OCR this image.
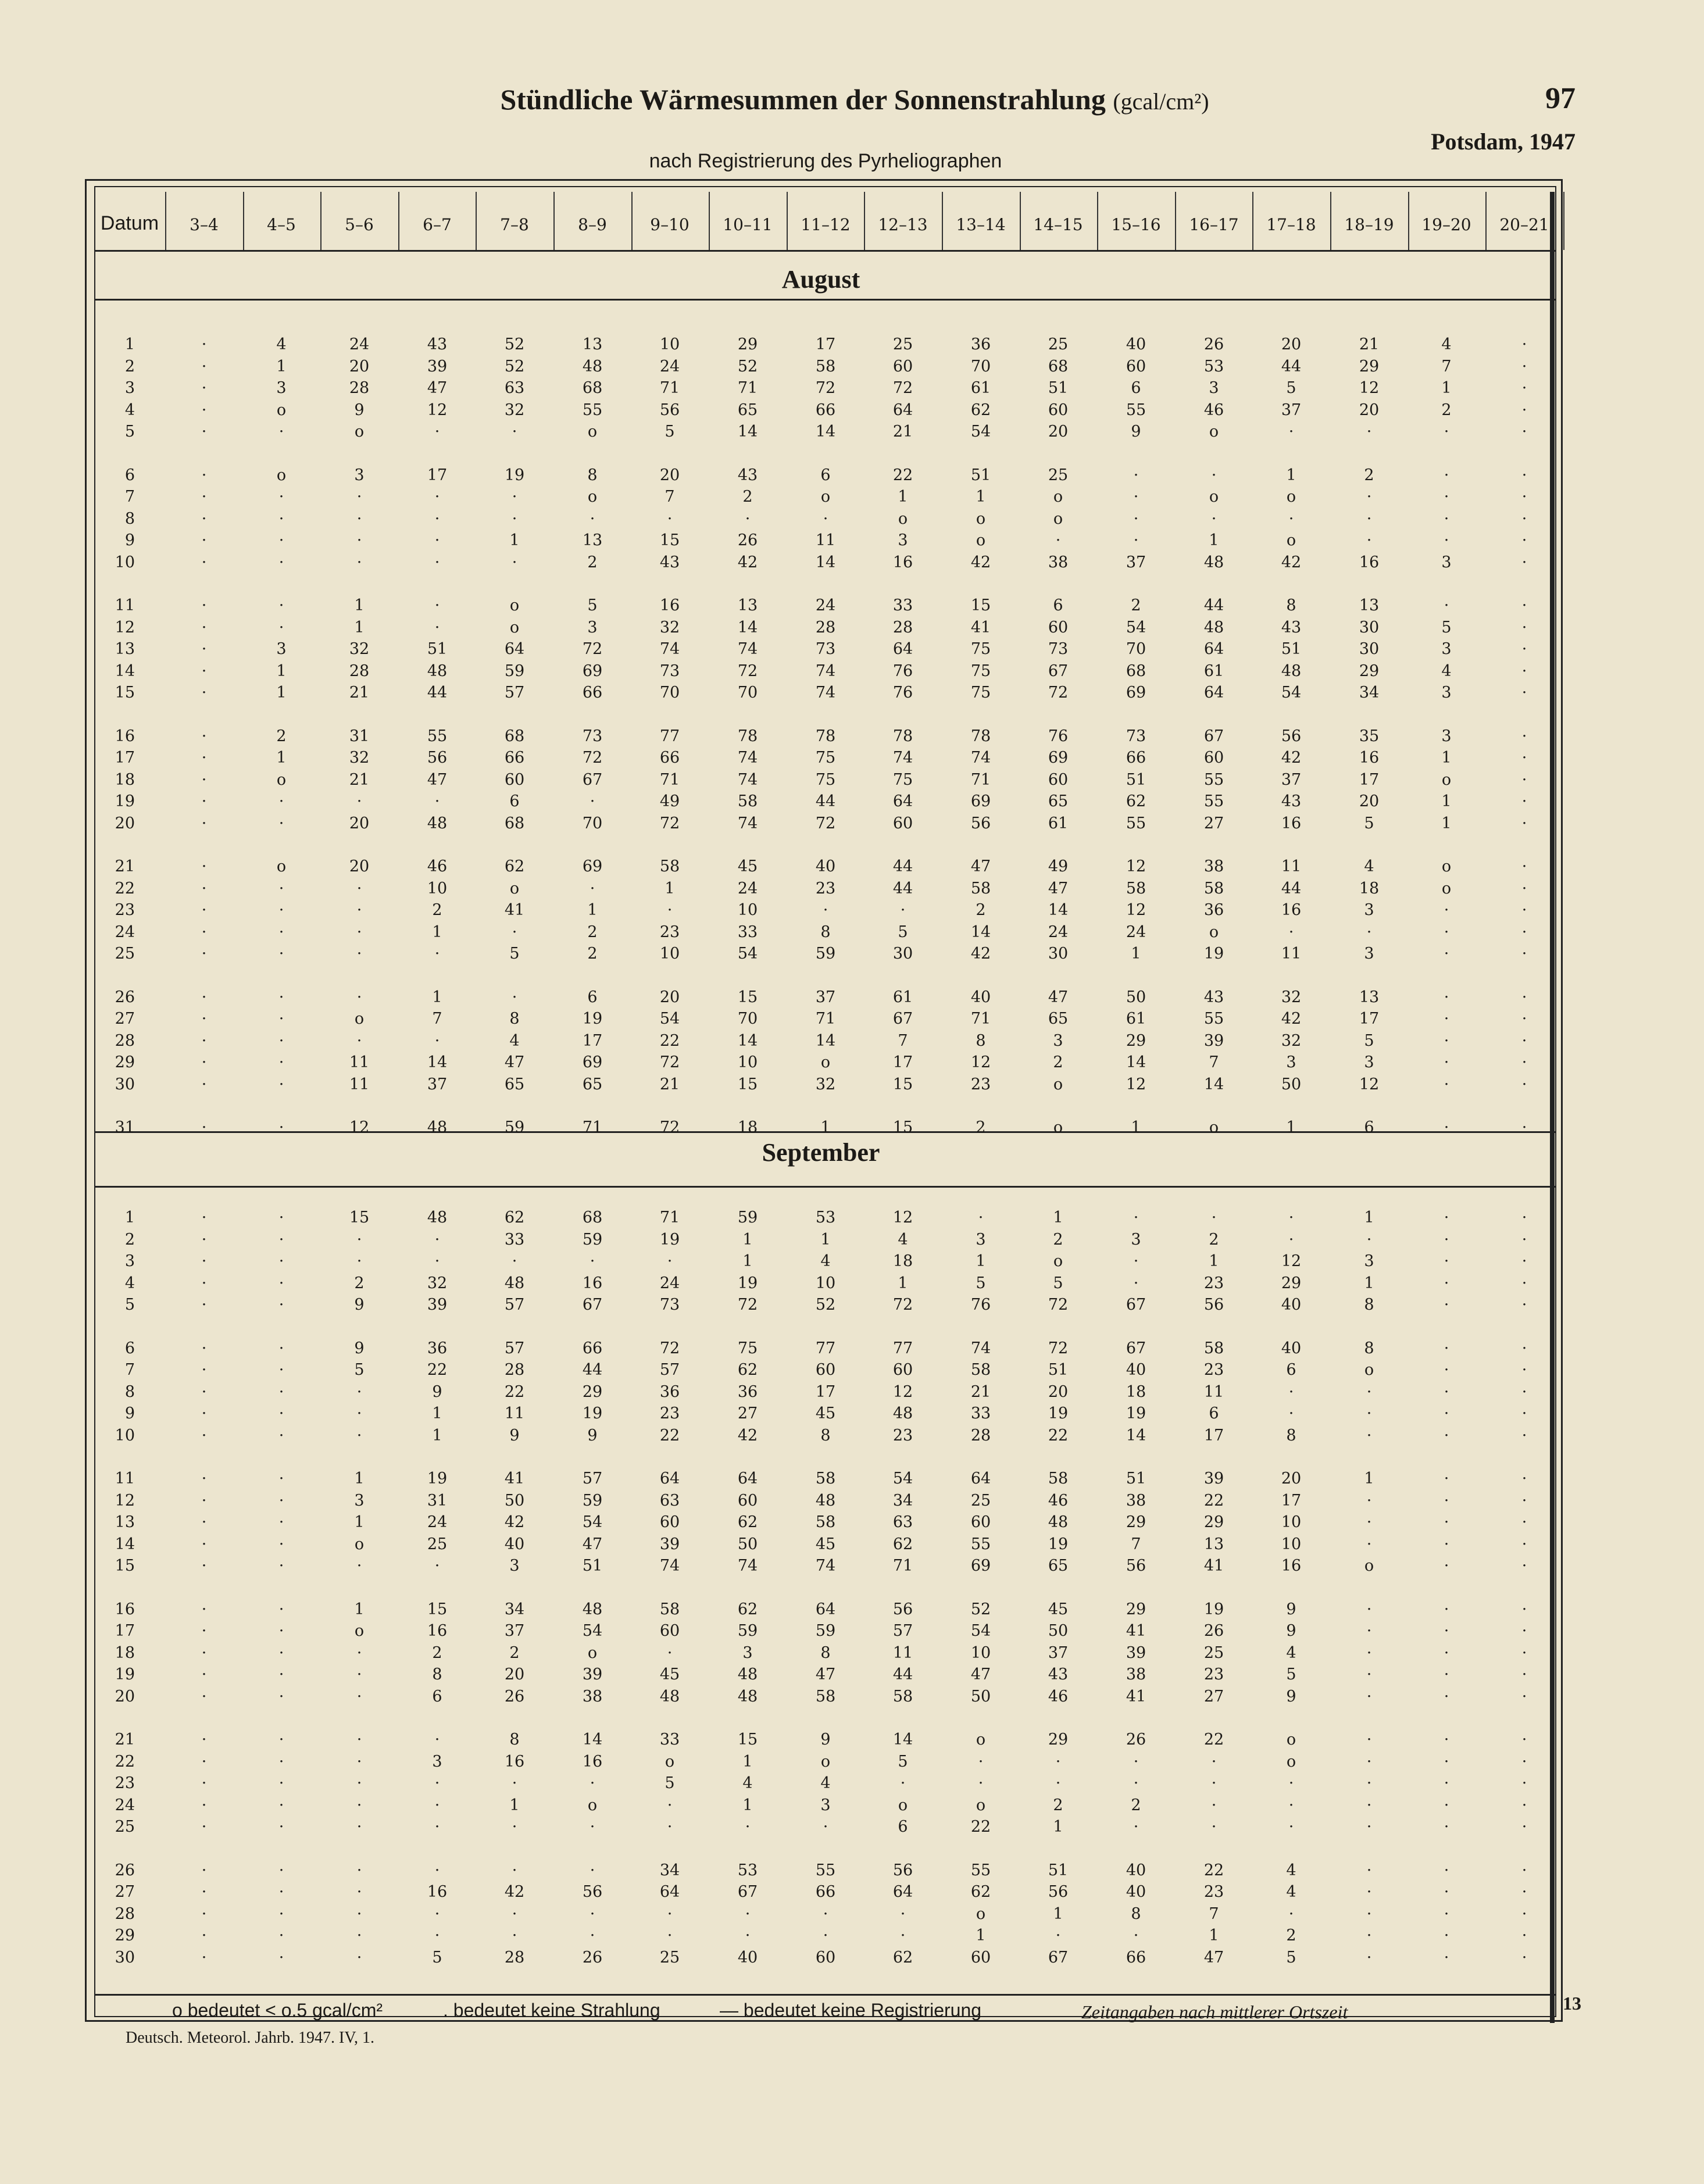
Stündliche Wärmesummen der Sonnenstrahlung (gcal/cm²)	97
Potsdam, 1947
nach Registrierung des Pyrheliographen
Datum	3–4	4–5	5–6	6–7	7–8	8–9	9–10	10–11 11–12 12–13 13–14 14–15 15–16 16–17 17–18 18–19 19–20 20–21
August
1	·	4	24	43	52	13	10	29	17	25	36	25	40	26	20	21	4	·
2	·	1	20	39	52	48	24	52	58	60	70	68	60	53	44	29	7	·
3	·	3	28	47	63	68	71	71	72	72	61	51	6	3	5	12	1	·
4	·	o	9	12	32	55	56	65	66	64	62	60	55	46	37	20	2	·
5	·	·	o	·	·	o	5	14	14	21	54	20	9	o	·	·	·	·
6	·	o	3	17	19	8	20	43	6	22	51	25	·	·	1	2	·	·
7	·	·	·	·	·	o	7	2	o	1	1	o	·	o	o	·	·	·
8	·	·	·	·	·	·	·	·	·	o	o	o	·	·	·	·	·	·
9	·	·	·	·	1	13	15	26	11	3	o	·	·	1	o	·	·	·
10	·	·	·	·	·	2	43	42	14	16	42	38	37	48	42	16	3	·
11	·	·	1	·	o	5	16	13	24	33	15	6	2	44	8	13	·	·
12	·	·	1	·	o	3	32	14	28	28	41	60	54	48	43	30	5	·
13	·	3	32	51	64	72	74	74	73	64	75	73	70	64	51	30	3	·
14	·	1	28	48	59	69	73	72	74	76	75	67	68	61	48	29	4	·
15	·	1	21	44	57	66	70	70	74	76	75	72	69	64	54	34	3	·
16	·	2	31	55	68	73	77	78	78	78	78	76	73	67	56	35	3	·
17	·	1	32	56	66	72	66	74	75	74	74	69	66	60	42	16	1	·
18	·	o	21	47	60	67	71	74	75	75	71	60	51	55	37	17	o	·
19	·	·	·	·	6	·	49	58	44	64	69	65	62	55	43	20	1	·
20	·	·	20	48	68	70	72	74	72	60	56	61	55	27	16	5	1	·
21	·	o	20	46	62	69	58	45	40	44	47	49	12	38	11	4	o	·
22	·	·	·	10	o	·	1	24	23	44	58	47	58	58	44	18	o	·
23	·	·	·	2	41	1	·	10	·	·	2	14	12	36	16	3	·	·
24	·	·	·	1	·	2	23	33	8	5	14	24	24	o	·	·	·	·
25	·	·	·	·	5	2	10	54	59	30	42	30	1	19	11	3	·	·
26	·	·	·	1	·	6	20	15	37	61	40	47	50	43	32	13	·	·
27	·	·	o	7	8	19	54	70	71	67	71	65	61	55	42	17	·	·
28	·	·	·	·	4	17	22	14	14	7	8	3	29	39	32	5	·	·
29	·	·	11	14	47	69	72	10	o	17	12	2	14	7	3	3	·	·
30	·	·	11	37	65	65	21	15	32	15	23	o	12	14	50	12	·	·
31	·	·	12	48	59	71	72	18	1	15	2	o	1	o	1	6	·	·
September
1	·	·	15	48	62	68	71	59	53	12	·	1	·	·	·	1	·	·
2	·	·	·	·	33	59	19	1	1	4	3	2	3	2	·	·	·	·
3	·	·	·	·	·	·	·	1	4	18	1	o	·	1	12	3	·	·
4	·	·	2	32	48	16	24	19	10	1	5	5	·	23	29	1	·	·
5	·	·	9	39	57	67	73	72	52	72	76	72	67	56	40	8	·	·
6	·	·	9	36	57	66	72	75	77	77	74	72	67	58	40	8	·	·
7	·	·	5	22	28	44	57	62	60	60	58	51	40	23	6	o	·	·
8	·	·	·	9	22	29	36	36	17	12	21	20	18	11	·	·	·	·
9	·	·	·	1	11	19	23	27	45	48	33	19	19	6	·	·	·	·
10	·	·	·	1	9	9	22	42	8	23	28	22	14	17	8	·	·	·
11	·	·	1	19	41	57	64	64	58	54	64	58	51	39	20	1	·	·
12	·	·	3	31	50	59	63	60	48	34	25	46	38	22	17	·	·	·
13	·	·	1	24	42	54	60	62	58	63	60	48	29	29	10	·	·	·
14	·	·	o	25	40	47	39	50	45	62	55	19	7	13	10	·	·	·
15	·	·	·	·	3	51	74	74	74	71	69	65	56	41	16	o	·	·
16	·	·	1	15	34	48	58	62	64	56	52	45	29	19	9	·	·	·
17	·	·	o	16	37	54	60	59	59	57	54	50	41	26	9	·	·	·
18	·	·	·	2	2	o	·	3	8	11	10	37	39	25	4	·	·	·
19	·	·	·	8	20	39	45	48	47	44	47	43	38	23	5	·	·	·
20	·	·	·	6	26	38	48	48	58	58	50	46	41	27	9	·	·	·
21	·	·	·	·	8	14	33	15	9	14	o	29	26	22	o	·	·	·
22	·	·	·	3	16	16	o	1	o	5	·	·	·	·	o	·	·	·
23	·	·	·	·	·	·	5	4	4	·	·	·	·	·	·	·	·	·
24	·	·	·	·	1	o	·	1	3	o	o	2	2	·	·	·	·	·
25	·	·	·	·	·	·	·	·	·	6	22	1	·	·	·	·	·	·
26	·	·	·	·	·	·	34	53	55	56	55	51	40	22	4	·	·	·
27	·	·	·	16	42	56	64	67	66	64	62	56	40	23	4	·	·	·
28	·	·	·	·	·	·	·	·	·	·	o	1	8	7	·	·	·	·
29	·	·	·	·	·	·	·	·	·	·	1	·	·	1	2	·	·	·
30	·	·	·	5	28	26	25	40	60	62	60	67	66	47	5	·	·	·
o bedeutet < o.5 gcal/cm²	. bedeutet keine Strahlung	— bedeutet keine Registrierung	Zeitangaben nach mittlerer Ortszeit
Deutsch. Meteorol. Jahrb. 1947. IV, 1.
13
